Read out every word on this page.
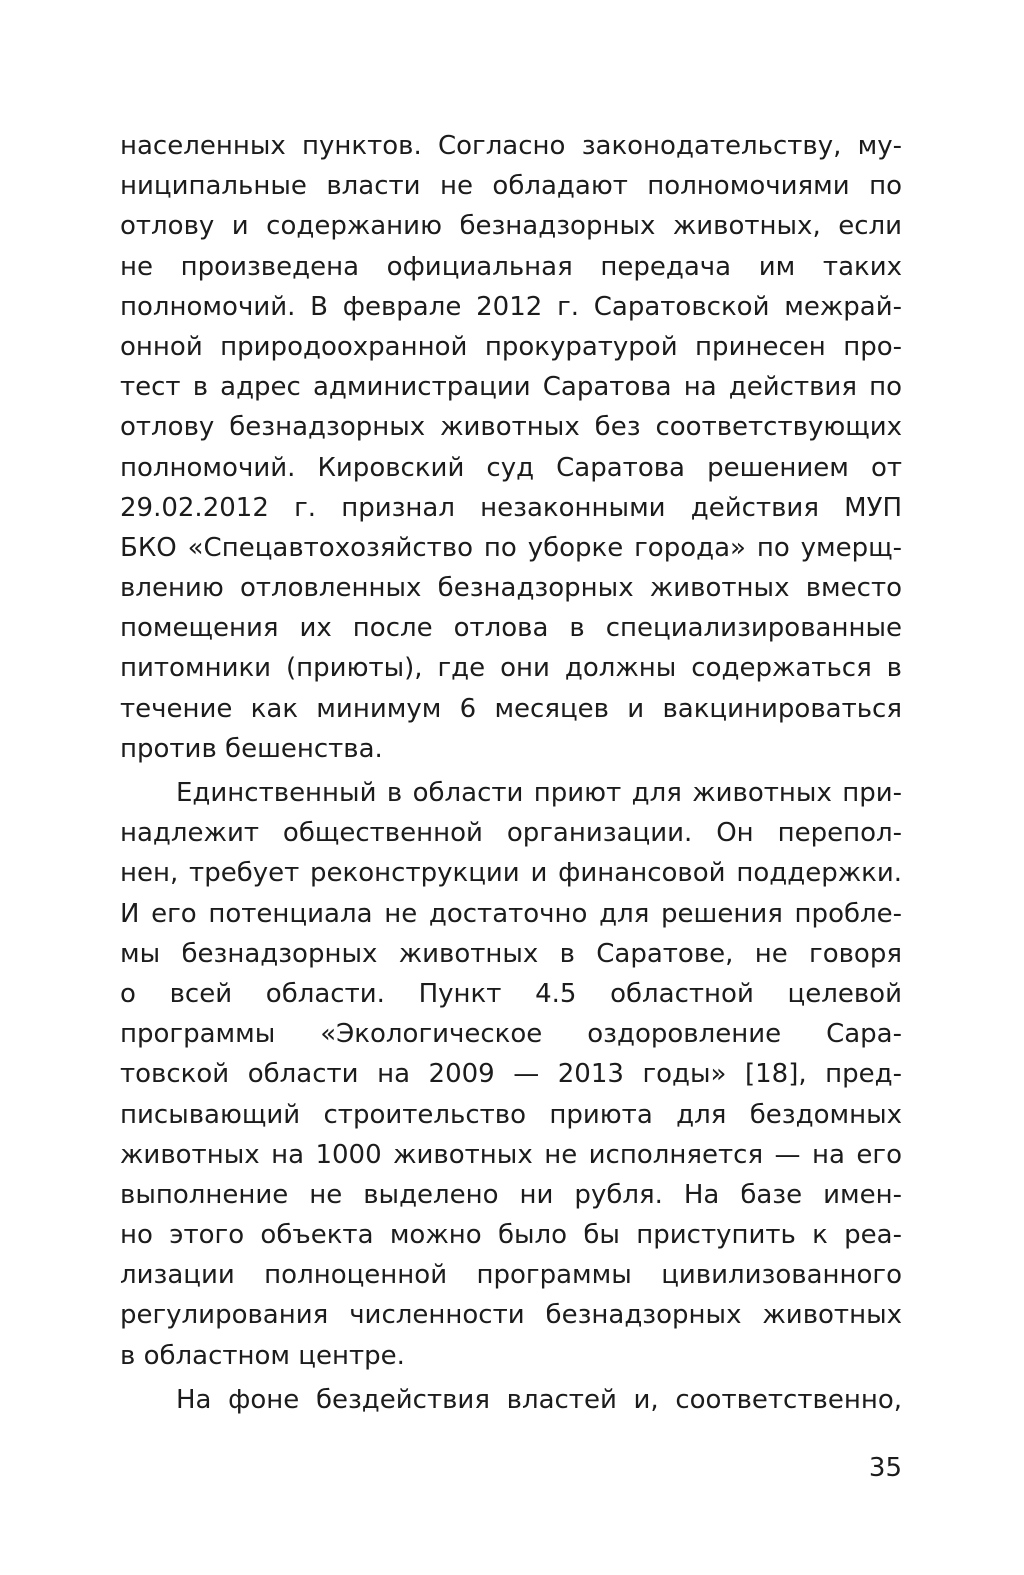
населенных пунктов. Согласно законодательству, му-
ниципальные власти не обладают полномочиями по
отлову и содержанию безнадзорных животных, если
не произведена официальная передача им таких
полномочий. В феврале 2012 г. Саратовской межрай-
онной природоохранной прокуратурой принесен про-
тест в адрес администрации Саратова на действия по
отлову безнадзорных животных без соответствующих
полномочий. Кировский суд Саратова решением от
29.02.2012 г. признал незаконными действия МУП
БКО «Спецавтохозяйство по уборке города» по умерщ-
влению отловленных безнадзорных животных вместо
помещения их после отлова в специализированные
питомники (приюты), где они должны содержаться в
течение как минимум 6 месяцев и вакцинироваться
против бешенства.
Единственный в области приют для животных при-
надлежит общественной организации. Он перепол-
нен, требует реконструкции и финансовой поддержки.
И его потенциала не достаточно для решения пробле-
мы безнадзорных животных в Саратове, не говоря
о всей области. Пункт 4.5 областной целевой
программы «Экологическое оздоровление Сара-
товской области на 2009 — 2013 годы» [18], пред-
писывающий строительство приюта для бездомных
животных на 1000 животных не исполняется — на его
выполнение не выделено ни рубля. На базе имен-
но этого объекта можно было бы приступить к реа-
лизации полноценной программы цивилизованного
регулирования численности безнадзорных животных
в областном центре.
На фоне бездействия властей и, соответственно,
35
